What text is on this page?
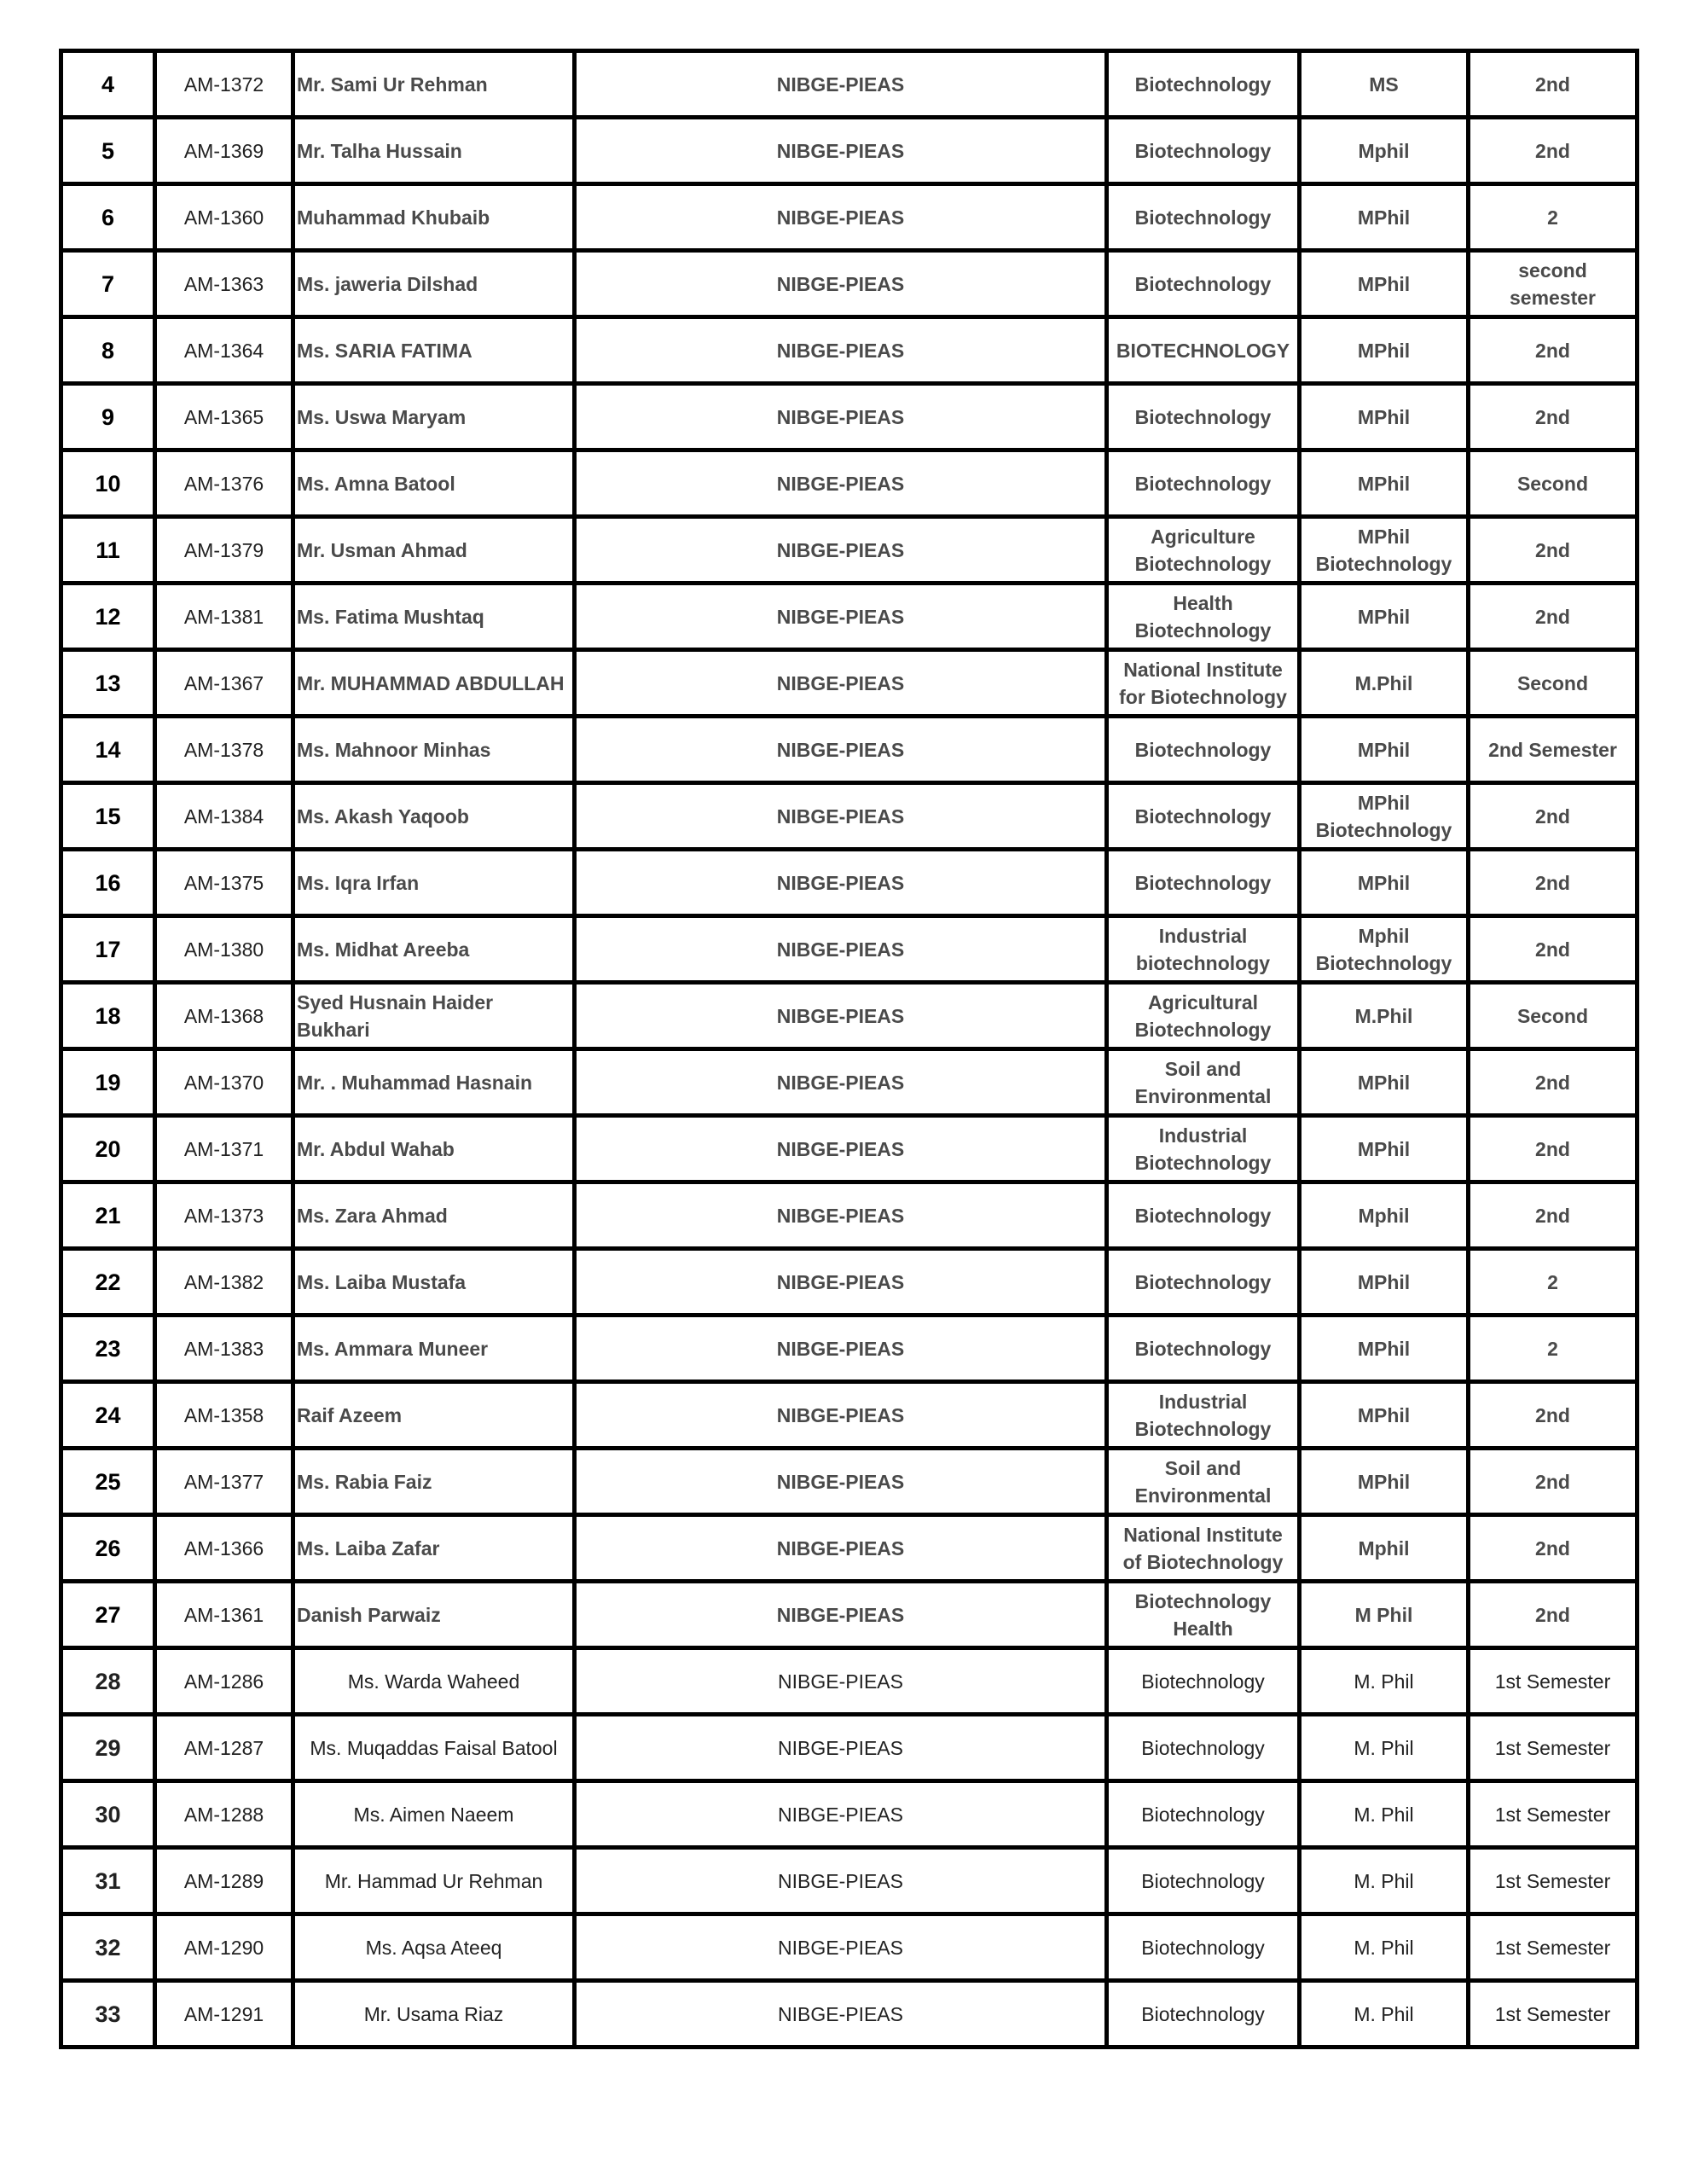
4	AM-1372	Mr. Sami Ur Rehman	NIBGE-PIEAS	Biotechnology	MS	2nd

5	AM-1369	Mr. Talha Hussain	NIBGE-PIEAS	Biotechnology	Mphil	2nd

6	AM-1360	Muhammad Khubaib	NIBGE-PIEAS	Biotechnology	MPhil	2

7	AM-1363	Ms. jaweria Dilshad	NIBGE-PIEAS	Biotechnology	MPhil	second semester

8	AM-1364	Ms. SARIA FATIMA	NIBGE-PIEAS	BIOTECHNOLOGY	MPhil	2nd

9	AM-1365	Ms. Uswa Maryam	NIBGE-PIEAS	Biotechnology	MPhil	2nd

10	AM-1376	Ms. Amna Batool	NIBGE-PIEAS	Biotechnology	MPhil	Second

11	AM-1379	Mr. Usman Ahmad	NIBGE-PIEAS	Agriculture Biotechnology	MPhil Biotechnology	2nd

12	AM-1381	Ms. Fatima Mushtaq	NIBGE-PIEAS	Health Biotechnology	MPhil	2nd

13	AM-1367	Mr. MUHAMMAD ABDULLAH	NIBGE-PIEAS	National Institute for Biotechnology	M.Phil	Second

14	AM-1378	Ms. Mahnoor Minhas	NIBGE-PIEAS	Biotechnology	MPhil	2nd Semester

15	AM-1384	Ms. Akash Yaqoob	NIBGE-PIEAS	Biotechnology	MPhil Biotechnology	2nd

16	AM-1375	Ms. Iqra Irfan	NIBGE-PIEAS	Biotechnology	MPhil	2nd

17	AM-1380	Ms. Midhat Areeba	NIBGE-PIEAS	Industrial biotechnology	Mphil Biotechnology	2nd

18	AM-1368	Syed Husnain Haider Bukhari	NIBGE-PIEAS	Agricultural Biotechnology	M.Phil	Second

19	AM-1370	Mr. . Muhammad Hasnain	NIBGE-PIEAS	Soil and Environmental	MPhil	2nd

20	AM-1371	Mr. Abdul Wahab	NIBGE-PIEAS	Industrial Biotechnology	MPhil	2nd

21	AM-1373	Ms. Zara Ahmad	NIBGE-PIEAS	Biotechnology	Mphil	2nd

22	AM-1382	Ms. Laiba Mustafa	NIBGE-PIEAS	Biotechnology	MPhil	2

23	AM-1383	Ms. Ammara Muneer	NIBGE-PIEAS	Biotechnology	MPhil	2

24	AM-1358	Raif Azeem	NIBGE-PIEAS	Industrial Biotechnology	MPhil	2nd

25	AM-1377	Ms. Rabia Faiz	NIBGE-PIEAS	Soil and Environmental	MPhil	2nd

26	AM-1366	Ms. Laiba Zafar	NIBGE-PIEAS	National Institute of Biotechnology	Mphil	2nd

27	AM-1361	Danish Parwaiz	NIBGE-PIEAS	Biotechnology Health	M Phil	2nd

28	AM-1286	Ms. Warda Waheed	NIBGE-PIEAS	Biotechnology	M. Phil	1st Semester

29	AM-1287	Ms. Muqaddas Faisal Batool	NIBGE-PIEAS	Biotechnology	M. Phil	1st Semester

30	AM-1288	Ms. Aimen Naeem	NIBGE-PIEAS	Biotechnology	M. Phil	1st Semester

31	AM-1289	Mr. Hammad Ur Rehman	NIBGE-PIEAS	Biotechnology	M. Phil	1st Semester

32	AM-1290	Ms. Aqsa Ateeq	NIBGE-PIEAS	Biotechnology	M. Phil	1st Semester

33	AM-1291	Mr. Usama Riaz	NIBGE-PIEAS	Biotechnology	M. Phil	1st Semester
